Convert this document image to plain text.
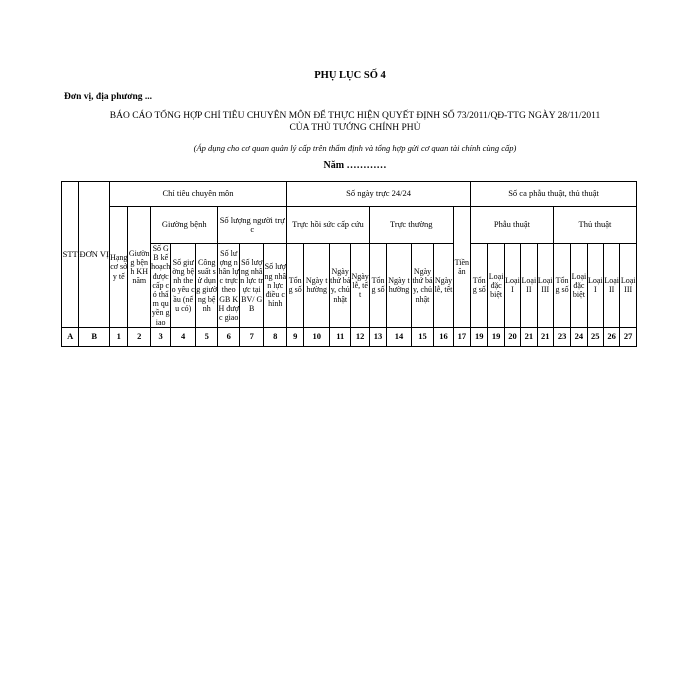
PHỤ LỤC SỐ 4
Đơn vị, địa phương ...
BÁO CÁO TỔNG HỢP CHỈ TIÊU CHUYÊN MÔN ĐỂ THỰC HIỆN QUYẾT ĐỊNH SỐ 73/2011/QĐ-TTG NGÀY 28/11/2011
CỦA THỦ TƯỚNG CHÍNH PHỦ
(Áp dụng cho cơ quan quản lý cấp trên thẩm định và tổng hợp gửi cơ quan tài chính cùng cấp)
Năm …………
STT	ĐƠN VỊ	Chỉ tiêu chuyên môn								Số ngày trực 24/24									Số ca phẫu thuật, thủ thuật									
		Hạng cơ sở y tế	Giường bệnh KH năm	Giường bệnh			Số lượng người trực			Trực hồi sức cấp cứu				Trực thường				Tiền ăn	Phẫu thuật					Thủ thuật				
				Số GB kế hoạch được cấp có thẩm quyền giao	Số giường bệnh theo yêu cầu (nếu có)	Công suất sử dụng giường bệnh	Số lượng nhân lực trực theo GB KH được giao	Số lượng nhân lực trực tại BV/ GB	Số lượng nhân lực điều chỉnh	Tổng số	Ngày thường	Ngày thứ bảy, chủ nhật	Ngày lễ, tết	Tổng số	Ngày thường	Ngày thứ bảy, chủ nhật	Ngày lễ, tết		Tổng số	Loại đặc biệt	Loại I	Loại II	Loại III	Tổng số	Loại đặc biệt	Loại I	Loại II	Loại III

A	B	1	2	3	4	5	6	7	8	9	10	11	12	13	14	15	16	17	19	19	20	21	21	23	24	25	26	27
